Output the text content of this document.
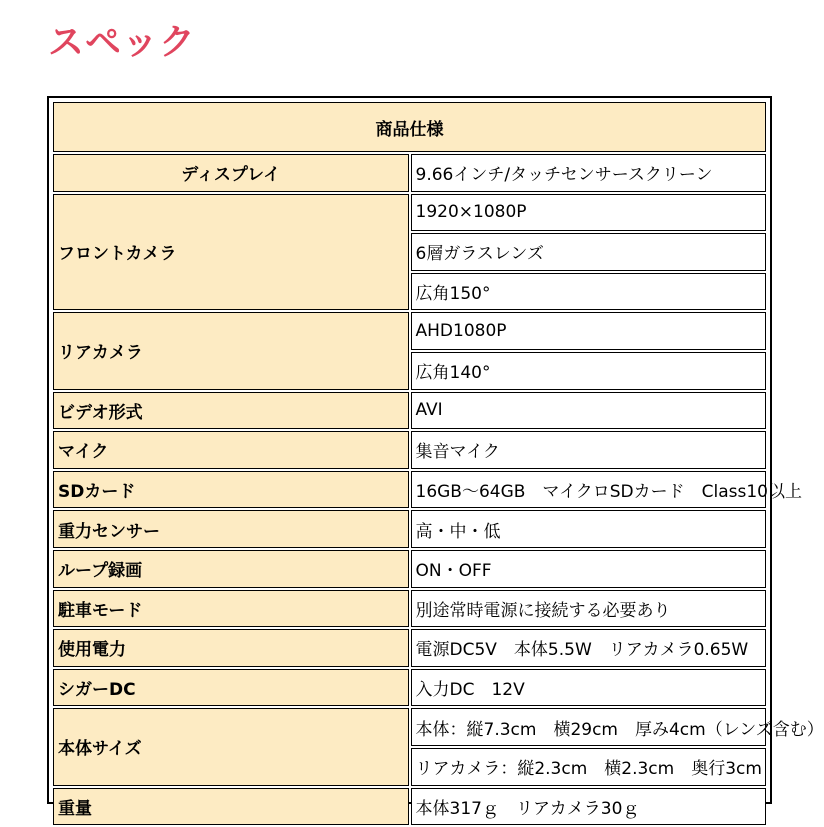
スペック
商品仕様	
ディスプレイ	9.66インチ/タッチセンサースクリーン
フロントカメラ	1920×1080P
	6層ガラスレンズ
	広角150°
リアカメラ	AHD1080P
	広角140°
ビデオ形式	AVI
マイク	集音マイク
SDカード	16GB～64GB　マイクロSDカード　Class10以上
重力センサー	高・中・低
ループ録画	ON・OFF
駐車モード	別途常時電源に接続する必要あり
使用電力	電源DC5V　本体5.5W　リアカメラ0.65W
シガーDC	入力DC　12V
本体サイズ	本体：縦7.3cm　横29cm　厚み4cm（レンズ含む）
	リアカメラ：縦2.3cm　横2.3cm　奥行3cm
重量	本体317ｇ　リアカメラ30ｇ
